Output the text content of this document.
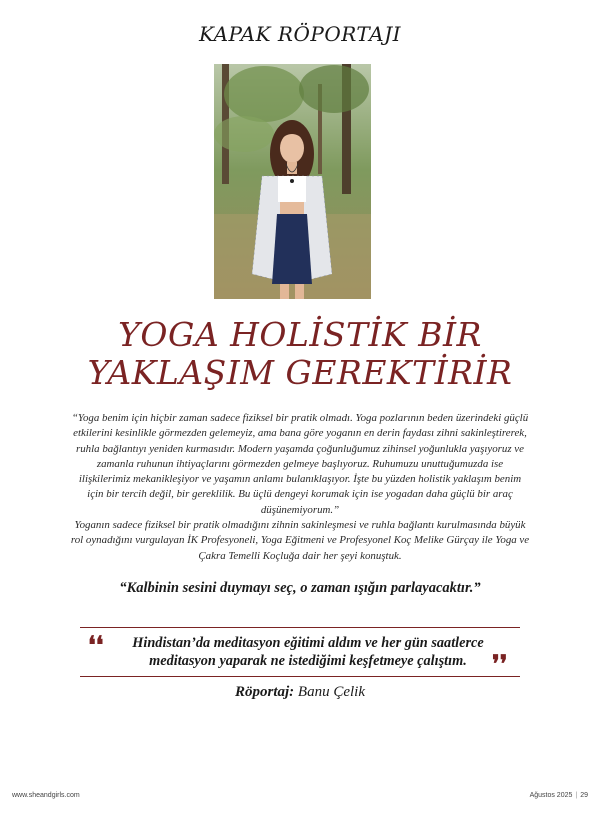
KAPAK RÖPORTAJI
YOGA HOLİSTİK BİR
YAKLAŞIM GEREKTİRİR

“Yoga benim için hiçbir zaman sadece fiziksel bir pratik olmadı. Yoga pozlarının beden üzerindeki güçlü etkilerini kesinlikle görmezden gelemeyiz, ama bana göre yoganın en derin faydası zihni sakinleştirerek, ruhla bağlantıyı yeniden kurmasıdır. Modern yaşamda çoğunluğumuz zihinsel yoğunlukla yaşıyoruz ve zamanla ruhunun ihtiyaçlarını görmezden gelmeye başlıyoruz. Ruhumuzu unuttuğumuzda ise ilişkilerimiz mekanikleşiyor ve yaşamın anlamı bulanıklaşıyor. İşte bu yüzden holistik yaklaşım benim için bir tercih değil, bir gereklilik. Bu üçlü dengeyi korumak için ise yogadan daha güçlü bir araç düşünemiyorum.”

Yoganın sadece fiziksel bir pratik olmadığını zihnin sakinleşmesi ve ruhla bağlantı kurulmasında büyük rol oynadığını vurgulayan İK Profesyoneli, Yoga Eğitmeni ve Profesyonel Koç Melike Gürçay ile Yoga ve Çakra Temelli Koçluğa dair her şeyi konuştuk.

“Kalbinin sesini duymayı seç, o zaman ışığın parlayacaktır.”
❛❛	Hindistan’da meditasyon eğitimi aldım ve her gün saatlerce
meditasyon yaparak ne istediğimi keşfetmeye çalıştım.	❜❜
Röportaj: Banu Çelik
www.sheandgirls.com	Ağustos 2025 | 29
